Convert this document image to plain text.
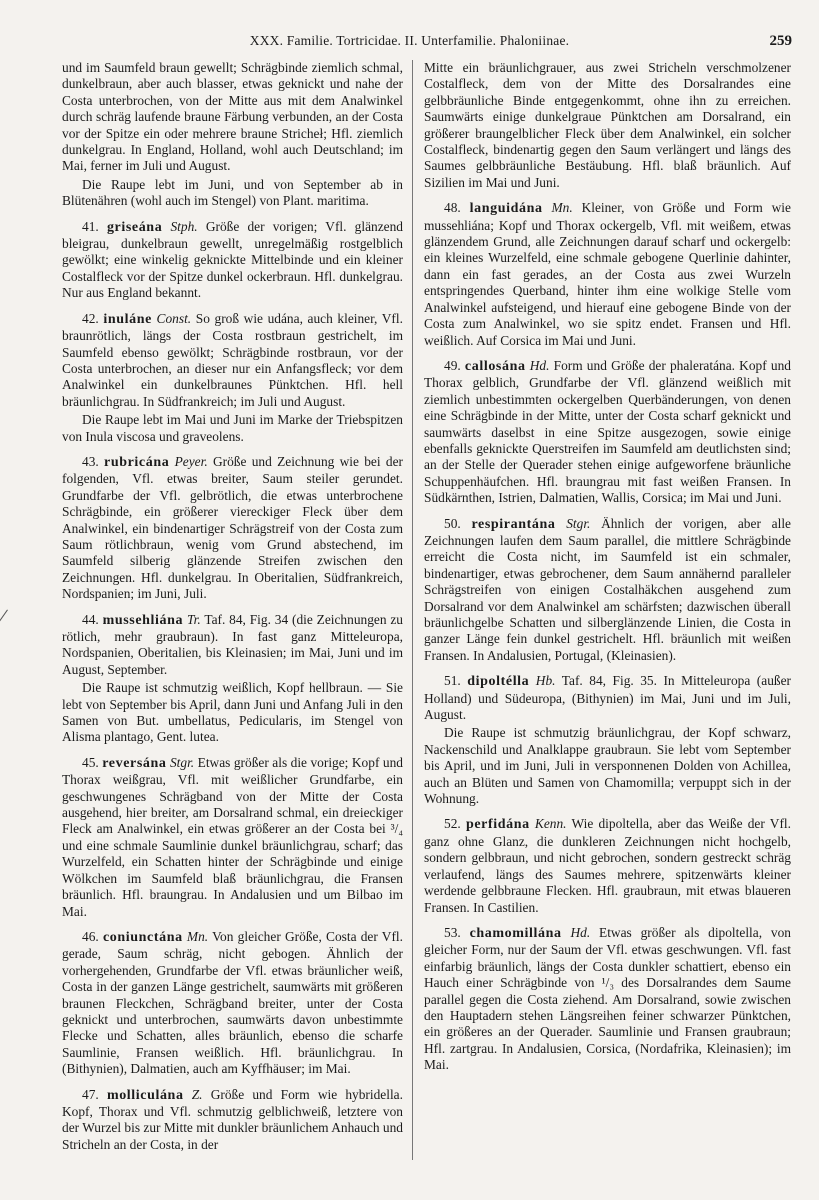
XXX. Familie. Tortricidae. II. Unterfamilie. Phaloniinae.	259

und im Saumfeld braun gewellt; Schrägbinde ziemlich schmal, dunkelbraun, aber auch blasser, etwas geknickt und nahe der Costa unterbrochen, von der Mitte aus mit dem Analwinkel durch schräg laufende braune Färbung verbunden, an der Costa vor der Spitze ein oder mehrere braune Stricheł; Hfl. ziemlich dunkelgrau. In England, Holland, wohl auch Deutschland; im Mai, ferner im Juli und August.

Die Raupe lebt im Juni, und von September ab in Blütenähren (wohl auch im Stengel) von Plant. maritima.

41. griseána Stph. Größe der vorigen; Vfl. glänzend bleigrau, dunkelbraun gewellt, unregelmäßig rostgelblich gewölkt; eine winkelig geknickte Mittelbinde und ein kleiner Costalfleck vor der Spitze dunkel ockerbraun. Hfl. dunkelgrau. Nur aus England bekannt.

42. inuláne Const. So groß wie udána, auch kleiner, Vfl. braunrötlich, längs der Costa rostbraun gestrichelt, im Saumfeld ebenso gewölkt; Schrägbinde rostbraun, vor der Costa unterbrochen, an dieser nur ein Anfangsfleck; vor dem Analwinkel ein dunkelbraunes Pünktchen. Hfl. hell bräunlichgrau. In Südfrankreich; im Juli und August.

Die Raupe lebt im Mai und Juni im Marke der Triebspitzen von Inula viscosa und graveolens.

43. rubricána Peyer. Größe und Zeichnung wie bei der folgenden, Vfl. etwas breiter, Saum steiler gerundet. Grundfarbe der Vfl. gelbrötlich, die etwas unterbrochene Schrägbinde, ein größerer viereckiger Fleck über dem Analwinkel, ein bindenartiger Schrägstreif von der Costa zum Saum rötlichbraun, wenig vom Grund abstechend, im Saumfeld silberig glänzende Streifen zwischen den Zeichnungen. Hfl. dunkelgrau. In Oberitalien, Südfrankreich, Nordspanien; im Juni, Juli.

44. mussehliána Tr. Taf. 84, Fig. 34 (die Zeichnungen zu rötlich, mehr graubraun). In fast ganz Mitteleuropa, Nordspanien, Oberitalien, bis Kleinasien; im Mai, Juni und im August, September.

Die Raupe ist schmutzig weißlich, Kopf hellbraun. — Sie lebt von September bis April, dann Juni und Anfang Juli in den Samen von But. umbellatus, Pedicularis, im Stengel von Alisma plantago, Gent. lutea.

45. reversána Stgr. Etwas größer als die vorige; Kopf und Thorax weißgrau, Vfl. mit weißlicher Grundfarbe, ein geschwungenes Schrägband von der Mitte der Costa ausgehend, hier breiter, am Dorsalrand schmal, ein dreieckiger Fleck am Analwinkel, ein etwas größerer an der Costa bei ³/₄ und eine schmale Saumlinie dunkel bräunlichgrau, scharf; das Wurzelfeld, ein Schatten hinter der Schrägbinde und einige Wölkchen im Saumfeld blaß bräunlichgrau, die Fransen bräunlich. Hfl. braungrau. In Andalusien und um Bilbao im Mai.

46. coniunctána Mn. Von gleicher Größe, Costa der Vfl. gerade, Saum schräg, nicht gebogen. Ähnlich der vorhergehenden, Grundfarbe der Vfl. etwas bräunlicher weiß, Costa in der ganzen Länge gestrichelt, saumwärts mit größeren braunen Fleckchen, Schrägband breiter, unter der Costa geknickt und unterbrochen, saumwärts davon unbestimmte Flecke und Schatten, alles bräunlich, ebenso die scharfe Saumlinie, Fransen weißlich. Hfl. bräunlichgrau. In (Bithynien), Dalmatien, auch am Kyffhäuser; im Mai.

47. molliculána Z. Größe und Form wie hybridella. Kopf, Thorax und Vfl. schmutzig gelblichweiß, letztere von der Wurzel bis zur Mitte mit dunkler bräunlichem Anhauch und Stricheln an der Costa, in der

Mitte ein bräunlichgrauer, aus zwei Stricheln verschmolzener Costalfleck, dem von der Mitte des Dorsalrandes eine gelbbräunliche Binde entgegenkommt, ohne ihn zu erreichen. Saumwärts einige dunkelgraue Pünktchen am Dorsalrand, ein größerer braungelblicher Fleck über dem Analwinkel, ein solcher Costalfleck, bindenartig gegen den Saum verlängert und längs des Saumes gelbbräunliche Bestäubung. Hfl. blaß bräunlich. Auf Sizilien im Mai und Juni.

48. languidána Mn. Kleiner, von Größe und Form wie mussehliána; Kopf und Thorax ockergelb, Vfl. mit weißem, etwas glänzendem Grund, alle Zeichnungen darauf scharf und ockergelb: ein kleines Wurzelfeld, eine schmale gebogene Querlinie dahinter, dann ein fast gerades, an der Costa aus zwei Wurzeln entspringendes Querband, hinter ihm eine wolkige Stelle vom Analwinkel aufsteigend, und hierauf eine gebogene Binde von der Costa zum Analwinkel, wo sie spitz endet. Fransen und Hfl. weißlich. Auf Corsica im Mai und Juni.

49. callosána Hd. Form und Größe der phaleratána. Kopf und Thorax gelblich, Grundfarbe der Vfl. glänzend weißlich mit ziemlich unbestimmten ockergelben Querbänderungen, von denen eine Schrägbinde in der Mitte, unter der Costa scharf geknickt und saumwärts daselbst in eine Spitze ausgezogen, sowie einige ebenfalls geknickte Querstreifen im Saumfeld am deutlichsten sind; an der Stelle der Querader stehen einige aufgeworfene bräunliche Schuppenhäufchen. Hfl. braungrau mit fast weißen Fransen. In Südkärnthen, Istrien, Dalmatien, Wallis, Corsica; im Mai und Juni.

50. respirantána Stgr. Ähnlich der vorigen, aber alle Zeichnungen laufen dem Saum parallel, die mittlere Schrägbinde erreicht die Costa nicht, im Saumfeld ist ein schmaler, bindenartiger, etwas gebrochener, dem Saum annähernd paralleler Schrägstreifen von einigen Costalhäkchen ausgehend zum Dorsalrand vor dem Analwinkel am schärfsten; dazwischen überall bräunlichgelbe Schatten und silberglänzende Linien, die Costa in ganzer Länge fein dunkel gestrichelt. Hfl. bräunlich mit weißen Fransen. In Andalusien, Portugal, (Kleinasien).

51. dipoltélla Hb. Taf. 84, Fig. 35. In Mitteleuropa (außer Holland) und Südeuropa, (Bithynien) im Mai, Juni und im Juli, August.

Die Raupe ist schmutzig bräunlichgrau, der Kopf schwarz, Nackenschild und Analklappe graubraun. Sie lebt vom September bis April, und im Juni, Juli in versponnenen Dolden von Achillea, auch an Blüten und Samen von Chamomilla; verpuppt sich in der Wohnung.

52. perfidána Kenn. Wie dipoltella, aber das Weiße der Vfl. ganz ohne Glanz, die dunkleren Zeichnungen nicht hochgelb, sondern gelbbraun, und nicht gebrochen, sondern gestreckt schräg verlaufend, längs des Saumes mehrere, spitzenwärts kleiner werdende gelbbraune Flecken. Hfl. graubraun, mit etwas blaueren Fransen. In Castilien.

53. chamomillána Hd. Etwas größer als dipoltella, von gleicher Form, nur der Saum der Vfl. etwas geschwungen. Vfl. fast einfarbig bräunlich, längs der Costa dunkler schattiert, ebenso ein Hauch einer Schrägbinde von ¹/₃ des Dorsalrandes dem Saume parallel gegen die Costa ziehend. Am Dorsalrand, sowie zwischen den Hauptadern stehen Längsreihen feiner schwarzer Pünktchen, ein größeres an der Querader. Saumlinie und Fransen graubraun; Hfl. zartgrau. In Andalusien, Corsica, (Nordafrika, Kleinasien); im Mai.
